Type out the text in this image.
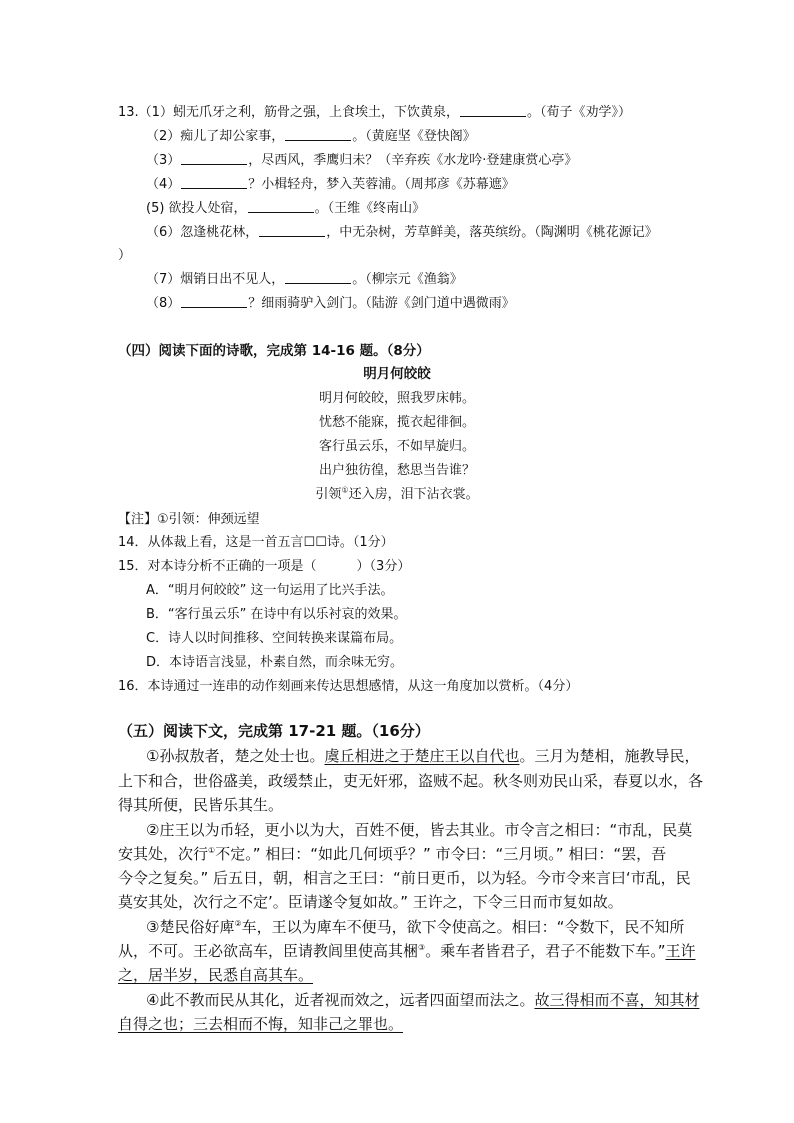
13.（1）蚓无爪牙之利，筋骨之强，上食埃土，下饮黄泉，	。（荀子《劝学》）
（2）痴儿了却公家事，	。（黄庭坚《登快阁》
（3）	，尽西风，季鹰归未？（辛弃疾《水龙吟·登建康赏心亭》
（4）	？小楫轻舟，梦入芙蓉浦。（周邦彦《苏幕遮》
(5) 欲投人处宿，	。（王维《终南山》
（6）忽逢桃花林，	，中无杂树，芳草鲜美，落英缤纷。（陶渊明《桃花源记》
）
（7）烟销日出不见人，	。（柳宗元《渔翁》
（8）	？细雨骑驴入剑门。（陆游《剑门道中遇微雨》
（四）阅读下面的诗歌，完成第 14-16 题。（8分）
明月何皎皎
明月何皎皎，照我罗床帏。
忧愁不能寐，揽衣起徘徊。
客行虽云乐，不如早旋归。
出户独彷徨，愁思当告谁？
引领①还入房，泪下沾衣裳。
【注】①引领：伸颈远望
14．从体裁上看，这是一首五言☐☐诗。（1分）
15．对本诗分析不正确的一项是（	）（3分）
A．“明月何皎皎” 这一句运用了比兴手法。
B．“客行虽云乐” 在诗中有以乐衬哀的效果。
C．诗人以时间推移、空间转换来谋篇布局。
D．本诗语言浅显，朴素自然，而余味无穷。
16．本诗通过一连串的动作刻画来传达思想感情，从这一角度加以赏析。（4分）
（五）阅读下文，完成第 17-21 题。（16分）
①孙叔敖者，楚之处士也。虞丘相进之于楚庄王以自代也。三月为楚相，施教导民，
上下和合，世俗盛美，政缓禁止，吏无奸邪，盗贼不起。秋冬则劝民山采，春夏以水，各
得其所便，民皆乐其生。
②庄王以为币轻，更小以为大，百姓不便，皆去其业。市令言之相曰：“市乱，民莫
安其处，次行①不定。” 相曰：“如此几何顷乎？” 市令曰：“三月顷。” 相曰：“罢，吾
今令之复矣。” 后五日，朝，相言之王曰：“前日更币，以为轻。今市令来言曰‘市乱，民
莫安其处，次行之不定’。臣请遂令复如故。” 王许之，下令三日而市复如故。
③楚民俗好庳②车，王以为庳车不便马，欲下令使高之。相曰：“令数下，民不知所
从，不可。王必欲高车，臣请教闾里使高其梱③。乘车者皆君子，君子不能数下车。”王许
之，居半岁，民悉自高其车。
④此不教而民从其化，近者视而效之，远者四面望而法之。故三得相而不喜，知其材
自得之也；三去相而不悔，知非己之罪也。
